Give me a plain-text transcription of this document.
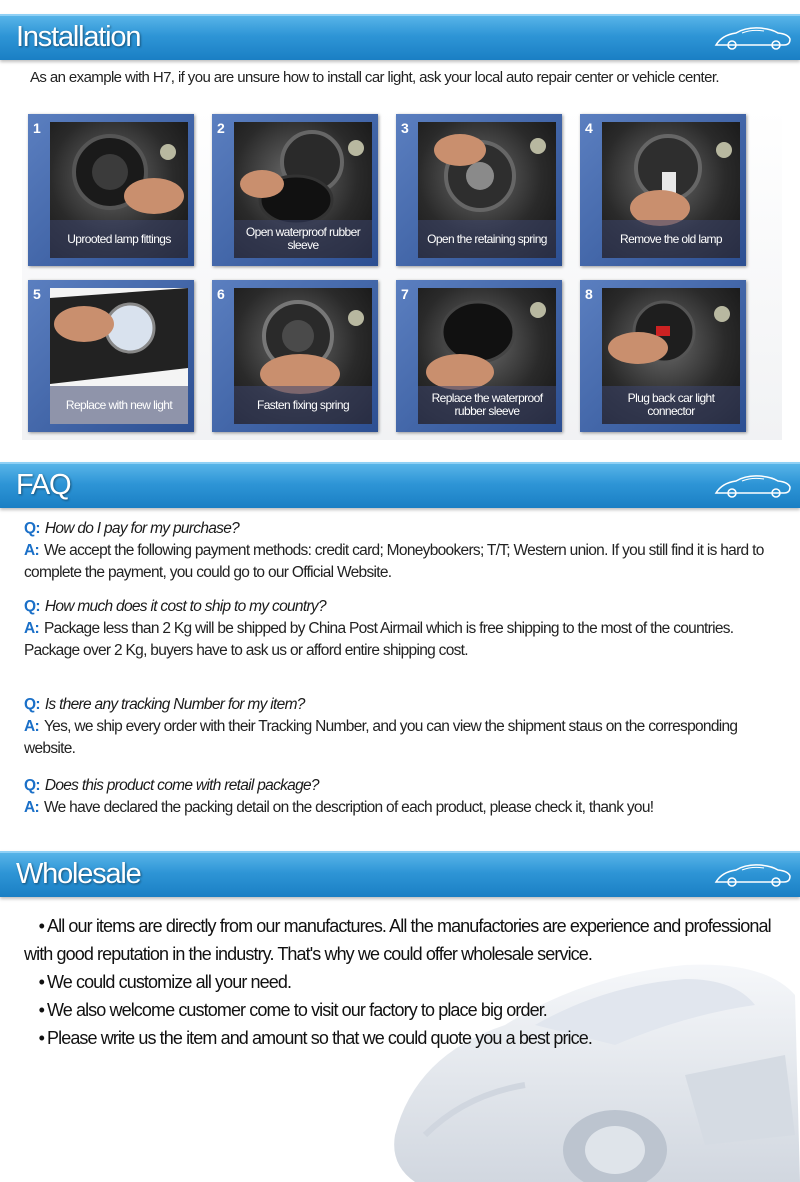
Installation
As an example with H7, if you are unsure how to install car light, ask your local auto repair center or vehicle center.
1
Uprooted lamp fittings
2
Open waterproof rubber sleeve
3
Open the retaining spring
4
Remove the old lamp
5
Replace with new light
6
Fasten fixing spring
7
Replace the waterproof rubber sleeve
8
Plug back car light connector
FAQ
Q: How do I pay for my purchase?
A: We accept the following payment methods: credit card; Moneybookers; T/T; Western union. If you still find it is hard to complete the payment, you could go to our Official Website.
Q: How much does it cost to ship to my country?
A: Package less than 2 Kg will be shipped by China Post Airmail which is free shipping to the most of the countries.
Package over 2 Kg, buyers have to ask us or afford entire shipping cost.
Q: Is there any tracking Number for my item?
A: Yes, we ship every order with their Tracking Number, and you can view the shipment staus on the corresponding website.
Q: Does this product come with retail package?
A: We have declared the packing detail on the description of each product, please check it, thank you!
Wholesale
• All our items are directly from our manufactures. All the manufactories are experience and professional with good reputation in the industry. That's why we could offer wholesale service.
• We could customize all your need.
• We also welcome customer come to visit our factory to place big order.
• Please write us the item and amount so that we could quote you a best price.
